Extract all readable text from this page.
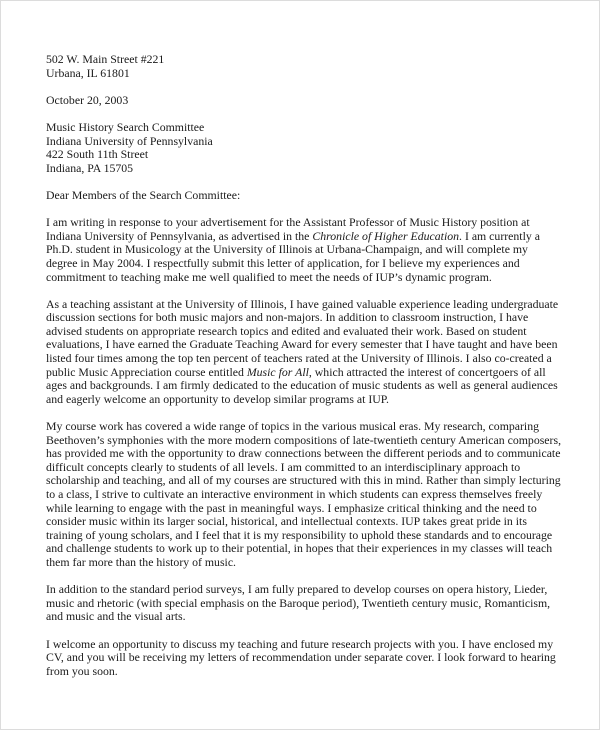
502 W. Main Street #221
Urbana, IL 61801
October 20, 2003
Music History Search Committee
Indiana University of Pennsylvania
422 South 11th Street
Indiana, PA 15705

Dear Members of the Search Committee:

I am writing in response to your advertisement for the Assistant Professor of Music History position at Indiana University of Pennsylvania, as advertised in the Chronicle of Higher Education. I am currently a Ph.D. student in Musicology at the University of Illinois at Urbana-Champaign, and will complete my degree in May 2004. I respectfully submit this letter of application, for I believe my experiences and commitment to teaching make me well qualified to meet the needs of IUP’s dynamic program.

As a teaching assistant at the University of Illinois, I have gained valuable experience leading undergraduate discussion sections for both music majors and non-majors. In addition to classroom instruction, I have advised students on appropriate research topics and edited and evaluated their work. Based on student evaluations, I have earned the Graduate Teaching Award for every semester that I have taught and have been listed four times among the top ten percent of teachers rated at the University of Illinois. I also co-created a public Music Appreciation course entitled Music for All, which attracted the interest of concertgoers of all ages and backgrounds. I am firmly dedicated to the education of music students as well as general audiences and eagerly welcome an opportunity to develop similar programs at IUP.

My course work has covered a wide range of topics in the various musical eras. My research, comparing Beethoven’s symphonies with the more modern compositions of late-twentieth century American composers, has provided me with the opportunity to draw connections between the different periods and to communicate difficult concepts clearly to students of all levels. I am committed to an interdisciplinary approach to scholarship and teaching, and all of my courses are structured with this in mind. Rather than simply lecturing to a class, I strive to cultivate an interactive environment in which students can express themselves freely while learning to engage with the past in meaningful ways. I emphasize critical thinking and the need to consider music within its larger social, historical, and intellectual contexts. IUP takes great pride in its training of young scholars, and I feel that it is my responsibility to uphold these standards and to encourage and challenge students to work up to their potential, in hopes that their experiences in my classes will teach them far more than the history of music.

In addition to the standard period surveys, I am fully prepared to develop courses on opera history, Lieder, music and rhetoric (with special emphasis on the Baroque period), Twentieth century music, Romanticism, and music and the visual arts.

I welcome an opportunity to discuss my teaching and future research projects with you. I have enclosed my CV, and you will be receiving my letters of recommendation under separate cover. I look forward to hearing from you soon.
